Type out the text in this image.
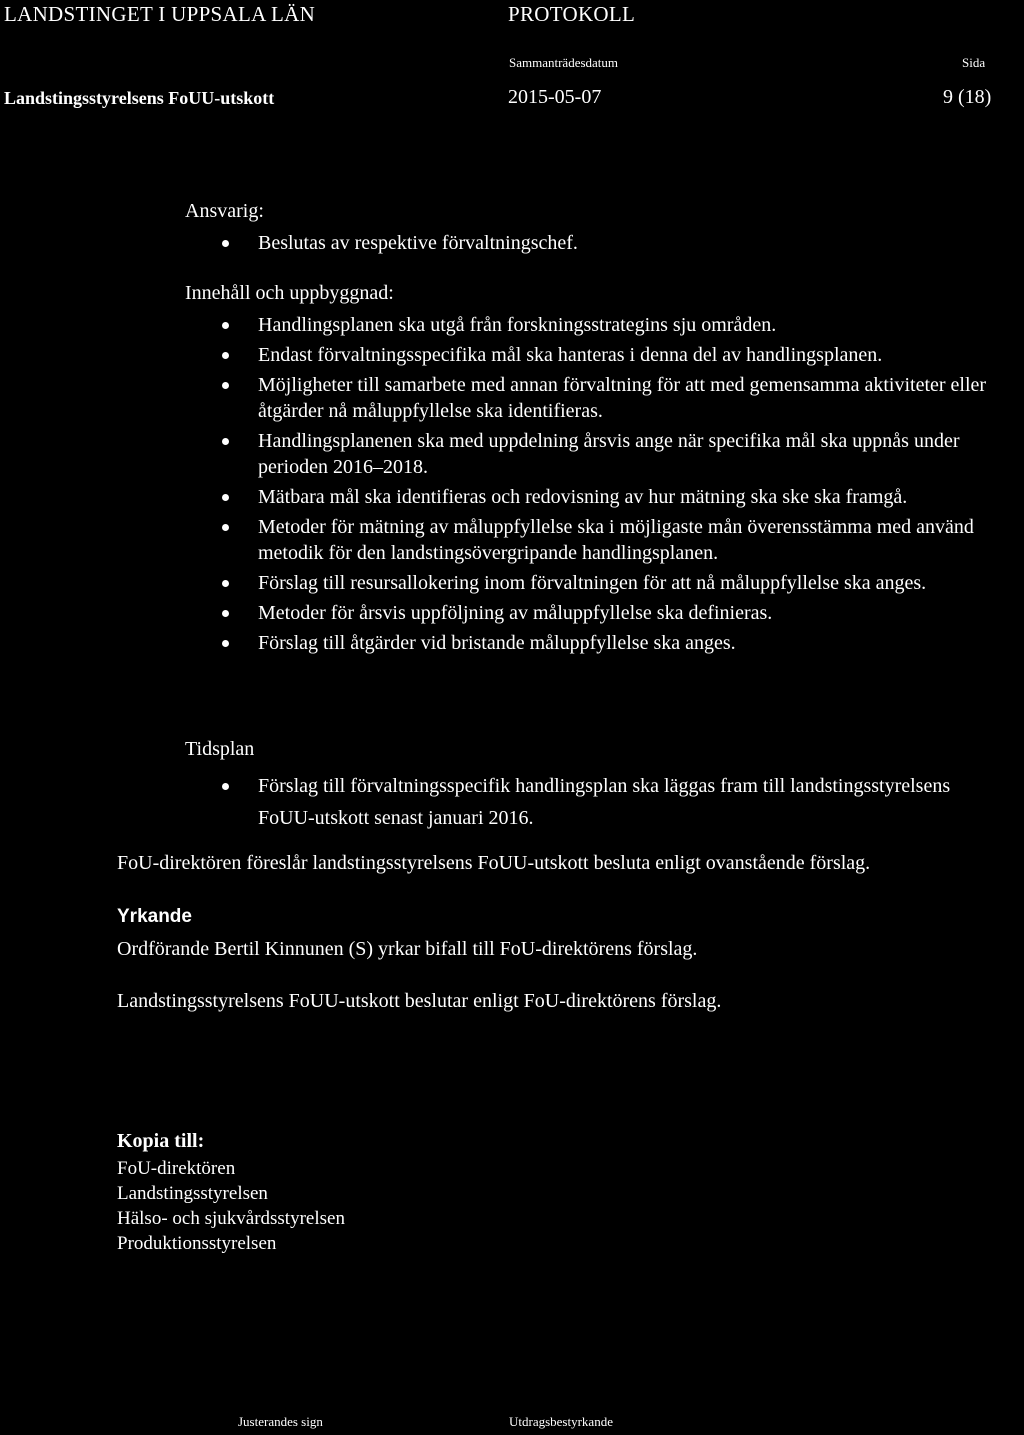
LANDSTINGET I UPPSALA LÄN	PROTOKOLL
Sammanträdesdatum	Sida
Landstingsstyrelsens FoUU-utskott	2015-05-07	9 (18)
Ansvarig:
Beslutas av respektive förvaltningschef.
Innehåll och uppbyggnad:
Handlingsplanen ska utgå från forskningsstrategins sju områden.
Endast förvaltningsspecifika mål ska hanteras i denna del av handlingsplanen.
Möjligheter till samarbete med annan förvaltning för att med gemensamma aktiviteter eller åtgärder nå måluppfyllelse ska identifieras.
Handlingsplanenen ska med uppdelning årsvis ange när specifika mål ska uppnås under perioden 2016–2018.
Mätbara mål ska identifieras och redovisning av hur mätning ska ske ska framgå.
Metoder för mätning av måluppfyllelse ska i möjligaste mån överensstämma med använd metodik för den landstingsövergripande handlingsplanen.
Förslag till resursallokering inom förvaltningen för att nå måluppfyllelse ska anges.
Metoder för årsvis uppföljning av måluppfyllelse ska definieras.
Förslag till åtgärder vid bristande måluppfyllelse ska anges.
Tidsplan
Förslag till förvaltningsspecifik handlingsplan ska läggas fram till landstingsstyrelsens FoUU-utskott senast januari 2016.
FoU-direktören föreslår landstingsstyrelsens FoUU-utskott besluta enligt ovanstående förslag.
Yrkande
Ordförande Bertil Kinnunen (S) yrkar bifall till FoU-direktörens förslag.
Landstingsstyrelsens FoUU-utskott beslutar enligt FoU-direktörens förslag.
Kopia till:
FoU-direktören
Landstingsstyrelsen
Hälso- och sjukvårdsstyrelsen
Produktionsstyrelsen
Justerandes sign	Utdragsbestyrkande
